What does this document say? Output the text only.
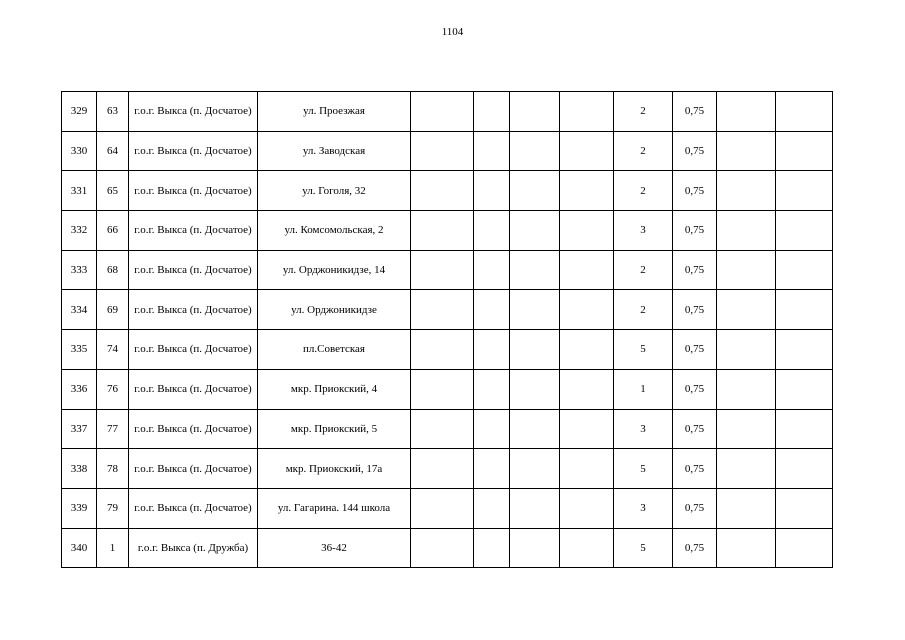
1104
329	63	г.о.г. Выкса (п. Досчатое)	ул. Проезжая					2	0,75		
330	64	г.о.г. Выкса (п. Досчатое)	ул. Заводская					2	0,75		
331	65	г.о.г. Выкса (п. Досчатое)	ул. Гоголя, 32					2	0,75		
332	66	г.о.г. Выкса (п. Досчатое)	ул. Комсомольская, 2					3	0,75		
333	68	г.о.г. Выкса (п. Досчатое)	ул. Орджоникидзе, 14					2	0,75		
334	69	г.о.г. Выкса (п. Досчатое)	ул. Орджоникидзе					2	0,75		
335	74	г.о.г. Выкса (п. Досчатое)	пл.Советская					5	0,75		
336	76	г.о.г. Выкса (п. Досчатое)	мкр. Приокский, 4					1	0,75		
337	77	г.о.г. Выкса (п. Досчатое)	мкр. Приокский, 5					3	0,75		
338	78	г.о.г. Выкса (п. Досчатое)	мкр. Приокский, 17а					5	0,75		
339	79	г.о.г. Выкса (п. Досчатое)	ул. Гагарина. 144 школа					3	0,75		
340	1	г.о.г. Выкса (п. Дружба)	36-42					5	0,75		
